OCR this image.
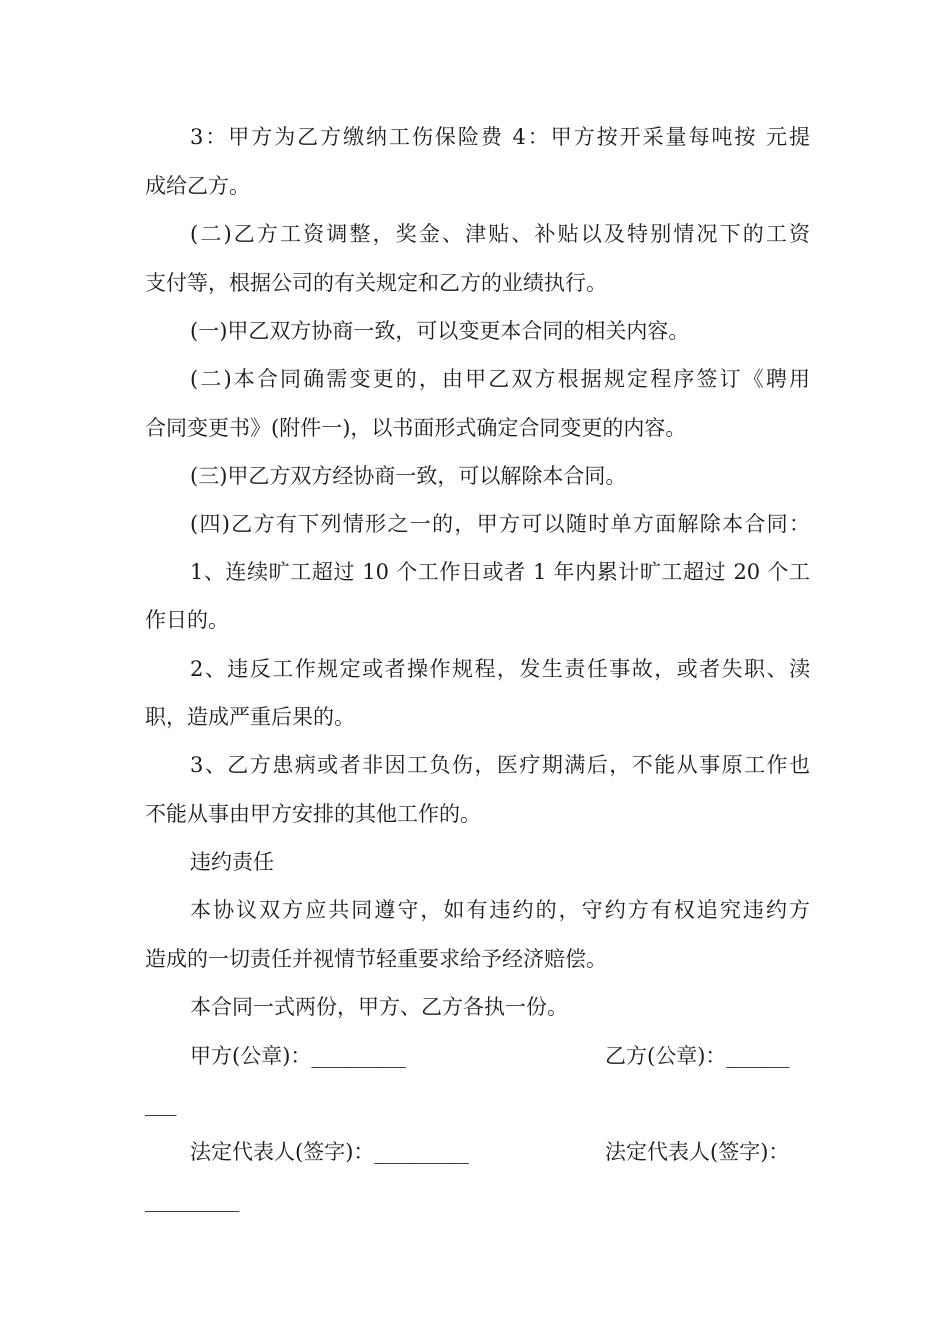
3：甲方为乙方缴纳工伤保险费 4：甲方按开采量每吨按 元提
成给乙方。
(二)乙方工资调整，奖金、津贴、补贴以及特别情况下的工资
支付等，根据公司的有关规定和乙方的业绩执行。
(一)甲乙双方协商一致，可以变更本合同的相关内容。
(二)本合同确需变更的，由甲乙双方根据规定程序签订《聘用
合同变更书》(附件一)，以书面形式确定合同变更的内容。
(三)甲乙方双方经协商一致，可以解除本合同。
(四)乙方有下列情形之一的，甲方可以随时单方面解除本合同：
1、连续旷工超过 10 个工作日或者 1 年内累计旷工超过 20 个工
作日的。
2、违反工作规定或者操作规程，发生责任事故，或者失职、渎
职，造成严重后果的。
3、乙方患病或者非因工负伤，医疗期满后，不能从事原工作也
不能从事由甲方安排的其他工作的。
违约责任
本协议双方应共同遵守，如有违约的，守约方有权追究违约方
造成的一切责任并视情节轻重要求给予经济赔偿。
本合同一式两份，甲方、乙方各执一份。
甲方(公章)：_________	乙方(公章)：______
___
法定代表人(签字)：_________	法定代表人(签字)：
_________
